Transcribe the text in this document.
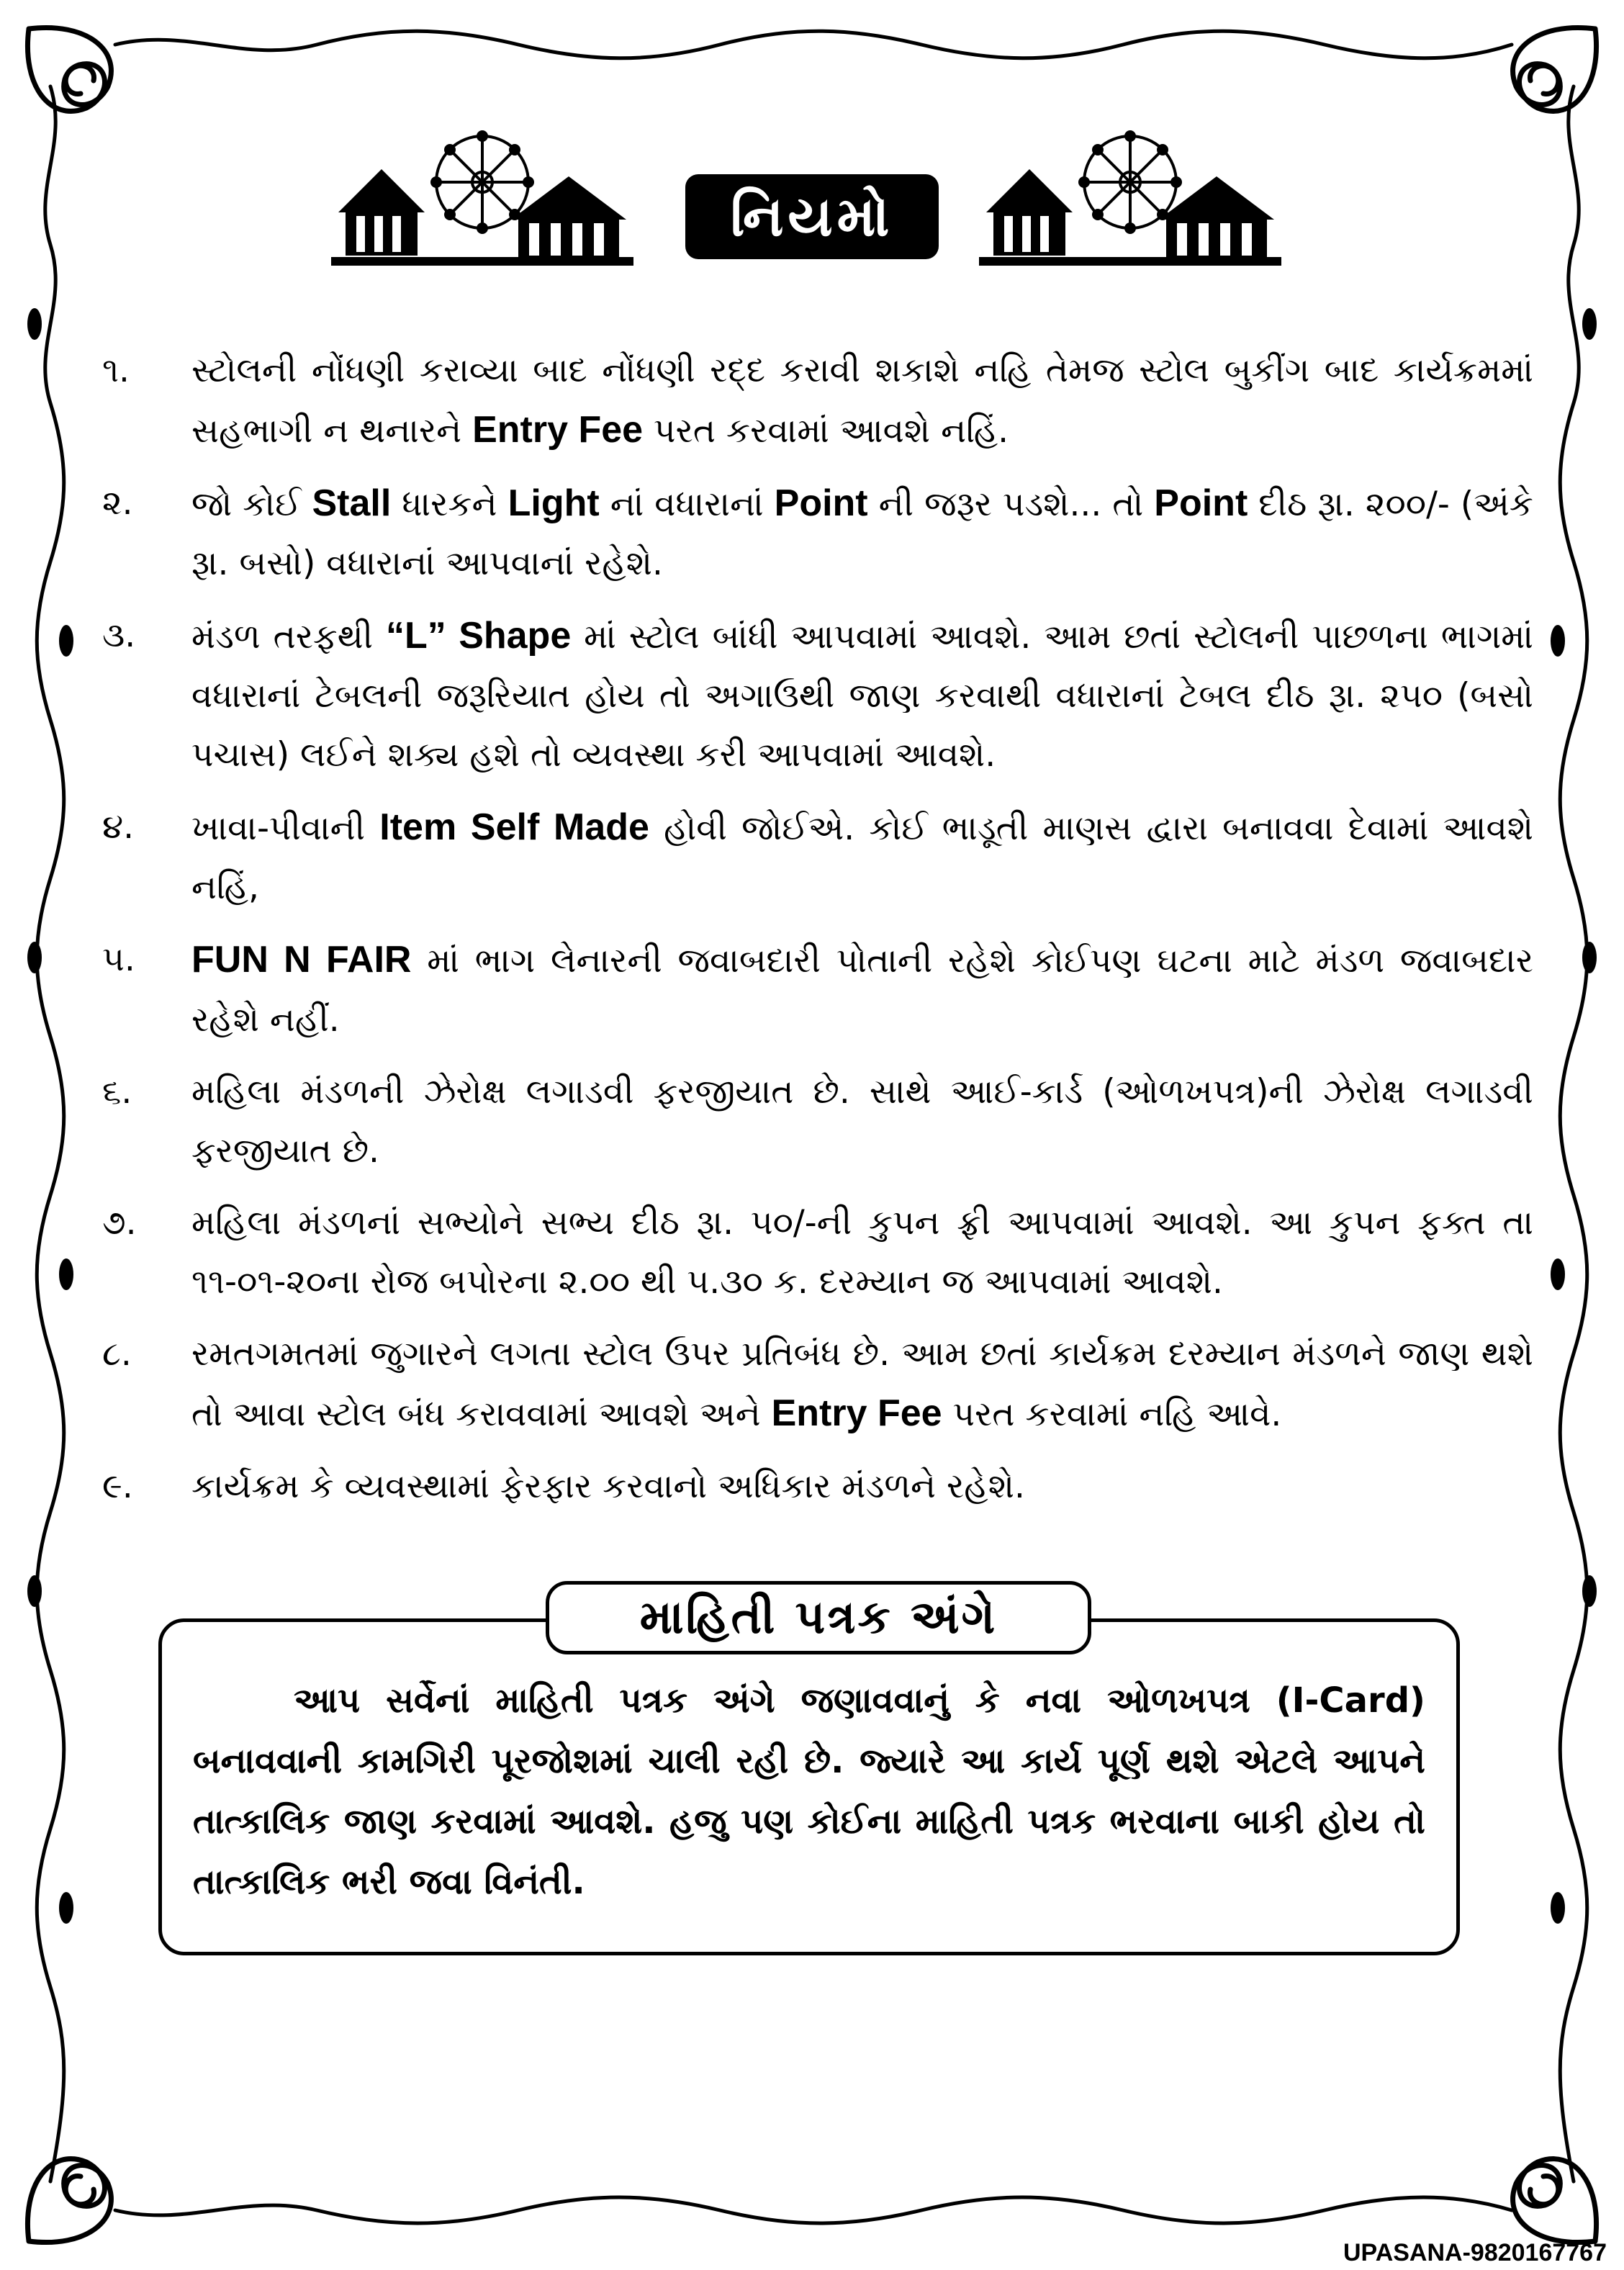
નિયમો
૧.	સ્ટોલની નોંધણી કરાવ્યા બાદ નોંધણી રદ્દ કરાવી શકાશે નહિ તેમજ સ્ટોલ બુકીંગ બાદ કાર્યક્રમમાં સહભાગી ન થનારને Entry Fee પરત કરવામાં આવશે નહિં.
૨.	જો કોઈ Stall ધારકને Light નાં વધારાનાં Point ની જરૂર પડશે... તો Point દીઠ રૂા. ૨૦૦/- (અંકે રૂા. બસો) વધારાનાં આપવાનાં રહેશે.
૩.	મંડળ તરફથી “L” Shape માં સ્ટોલ બાંધી આપવામાં આવશે. આમ છતાં સ્ટોલની પાછળના ભાગમાં વધારાનાં ટેબલની જરૂરિયાત હોય તો અગાઉથી જાણ કરવાથી વધારાનાં ટેબલ દીઠ રૂા. ૨૫૦ (બસો પચાસ) લઈને શક્ય હશે તો વ્યવસ્થા કરી આપવામાં આવશે.
૪.	ખાવા-પીવાની Item Self Made હોવી જોઈએ. કોઈ ભાડૂતી માણસ દ્વારા બનાવવા દેવામાં આવશે નહિં,
૫.	FUN N FAIR માં ભાગ લેનારની જવાબદારી પોતાની રહેશે કોઈપણ ઘટના માટે મંડળ જવાબદાર રહેશે નહીં.
૬.	મહિલા મંડળની ઝેરોક્ષ લગાડવી ફરજીયાત છે. સાથે આઈ-કાર્ડ (ઓળખપત્ર)ની ઝેરોક્ષ લગાડવી ફરજીયાત છે.
૭.	મહિલા મંડળનાં સભ્યોને સભ્ય દીઠ રૂા. ૫૦/-ની કુપન ફ્રી આપવામાં આવશે. આ કુપન ફક્ત તા ૧૧-૦૧-૨૦ના રોજ બપોરના ૨.૦૦ થી ૫.૩૦ ક. દરમ્યાન જ આપવામાં આવશે.
૮.	રમતગમતમાં જુગારને લગતા સ્ટોલ ઉપર પ્રતિબંધ છે. આમ છતાં કાર્યક્રમ દરમ્યાન મંડળને જાણ થશે તો આવા સ્ટોલ બંધ કરાવવામાં આવશે અને Entry Fee પરત કરવામાં નહિ આવે.
૯.	કાર્યક્રમ કે વ્યવસ્થામાં ફેરફાર કરવાનો અધિકાર મંડળને રહેશે.
માહિતી પત્રક અંગે

આપ સર્વેનાં માહિતી પત્રક અંગે જણાવવાનું કે નવા ઓળખપત્ર (I-Card) બનાવવાની કામગિરી પૂરજોશમાં ચાલી રહી છે. જ્યારે આ કાર્ય પૂર્ણ થશે એટલે આપને તાત્કાલિક જાણ કરવામાં આવશે. હજુ પણ કોઈના માહિતી પત્રક ભરવાના બાકી હોય તો તાત્કાલિક ભરી જવા વિનંતી.

UPASANA-9820167767
